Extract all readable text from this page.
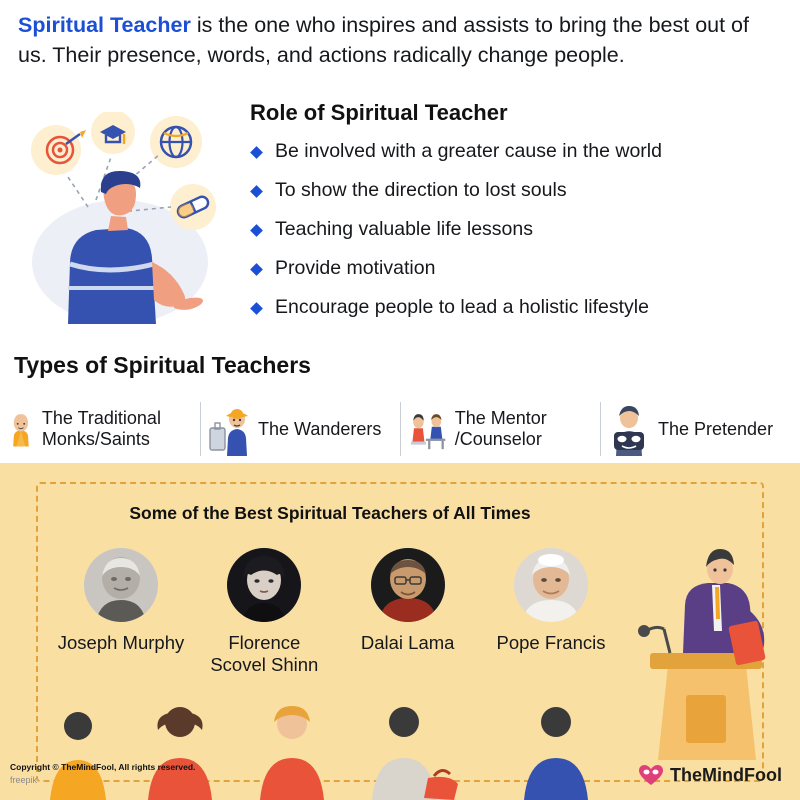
Spiritual Teacher is the one who inspires and assists to bring the best out of us. Their presence, words, and actions radically change people.
Role of Spiritual Teacher
Be involved with a greater cause in the world
To show the direction to lost souls
Teaching valuable life lessons
Provide motivation
Encourage people to lead a holistic lifestyle
Types of Spiritual Teachers
The Traditional Monks/Saints
The Wanderers
The Mentor /Counselor
The Pretender
Some of the Best Spiritual Teachers of All Times
Joseph Murphy	Florence Scovel Shinn
Dalai Lama	Pope Francis
Copyright © TheMindFool, All rights reserved.
freepik	TheMindFool
